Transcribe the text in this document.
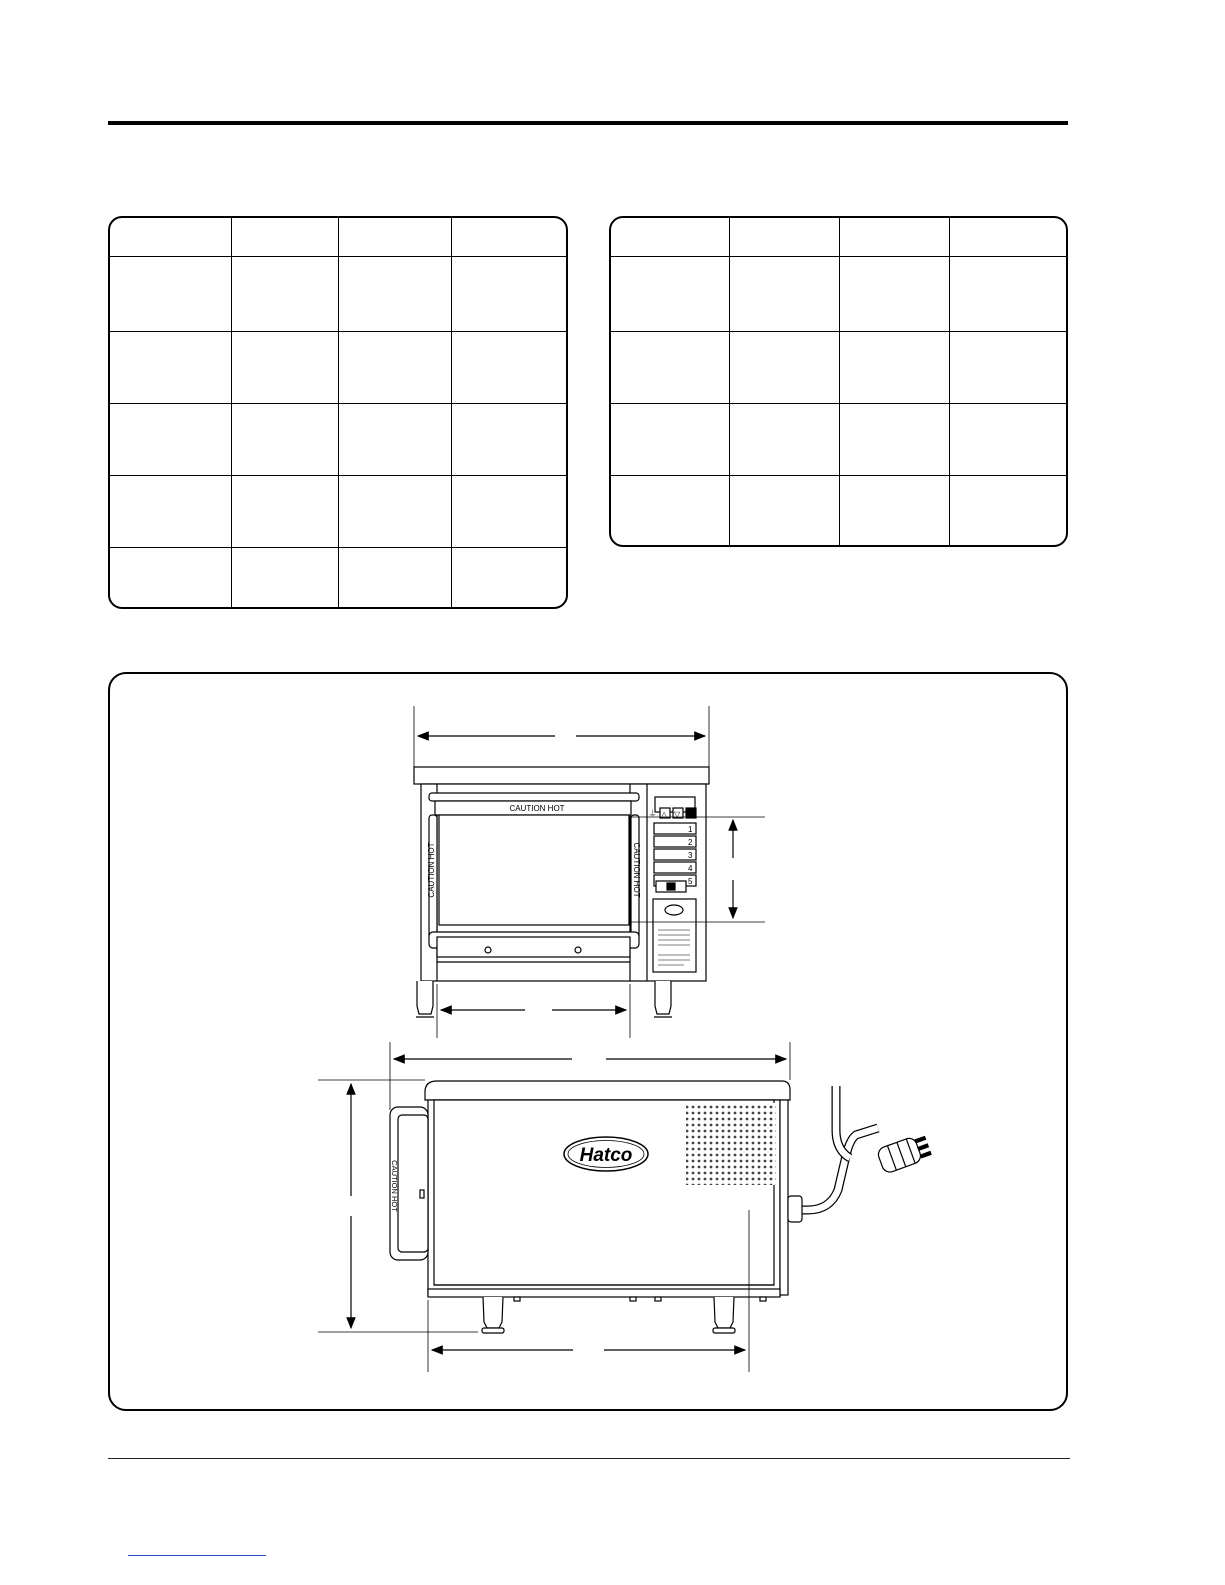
CAUTION HOT
CAUTION HOT	CAUTION HOT
⏚ △ ▽
1
2
3
4
5
Hatco
CAUTION HOT
